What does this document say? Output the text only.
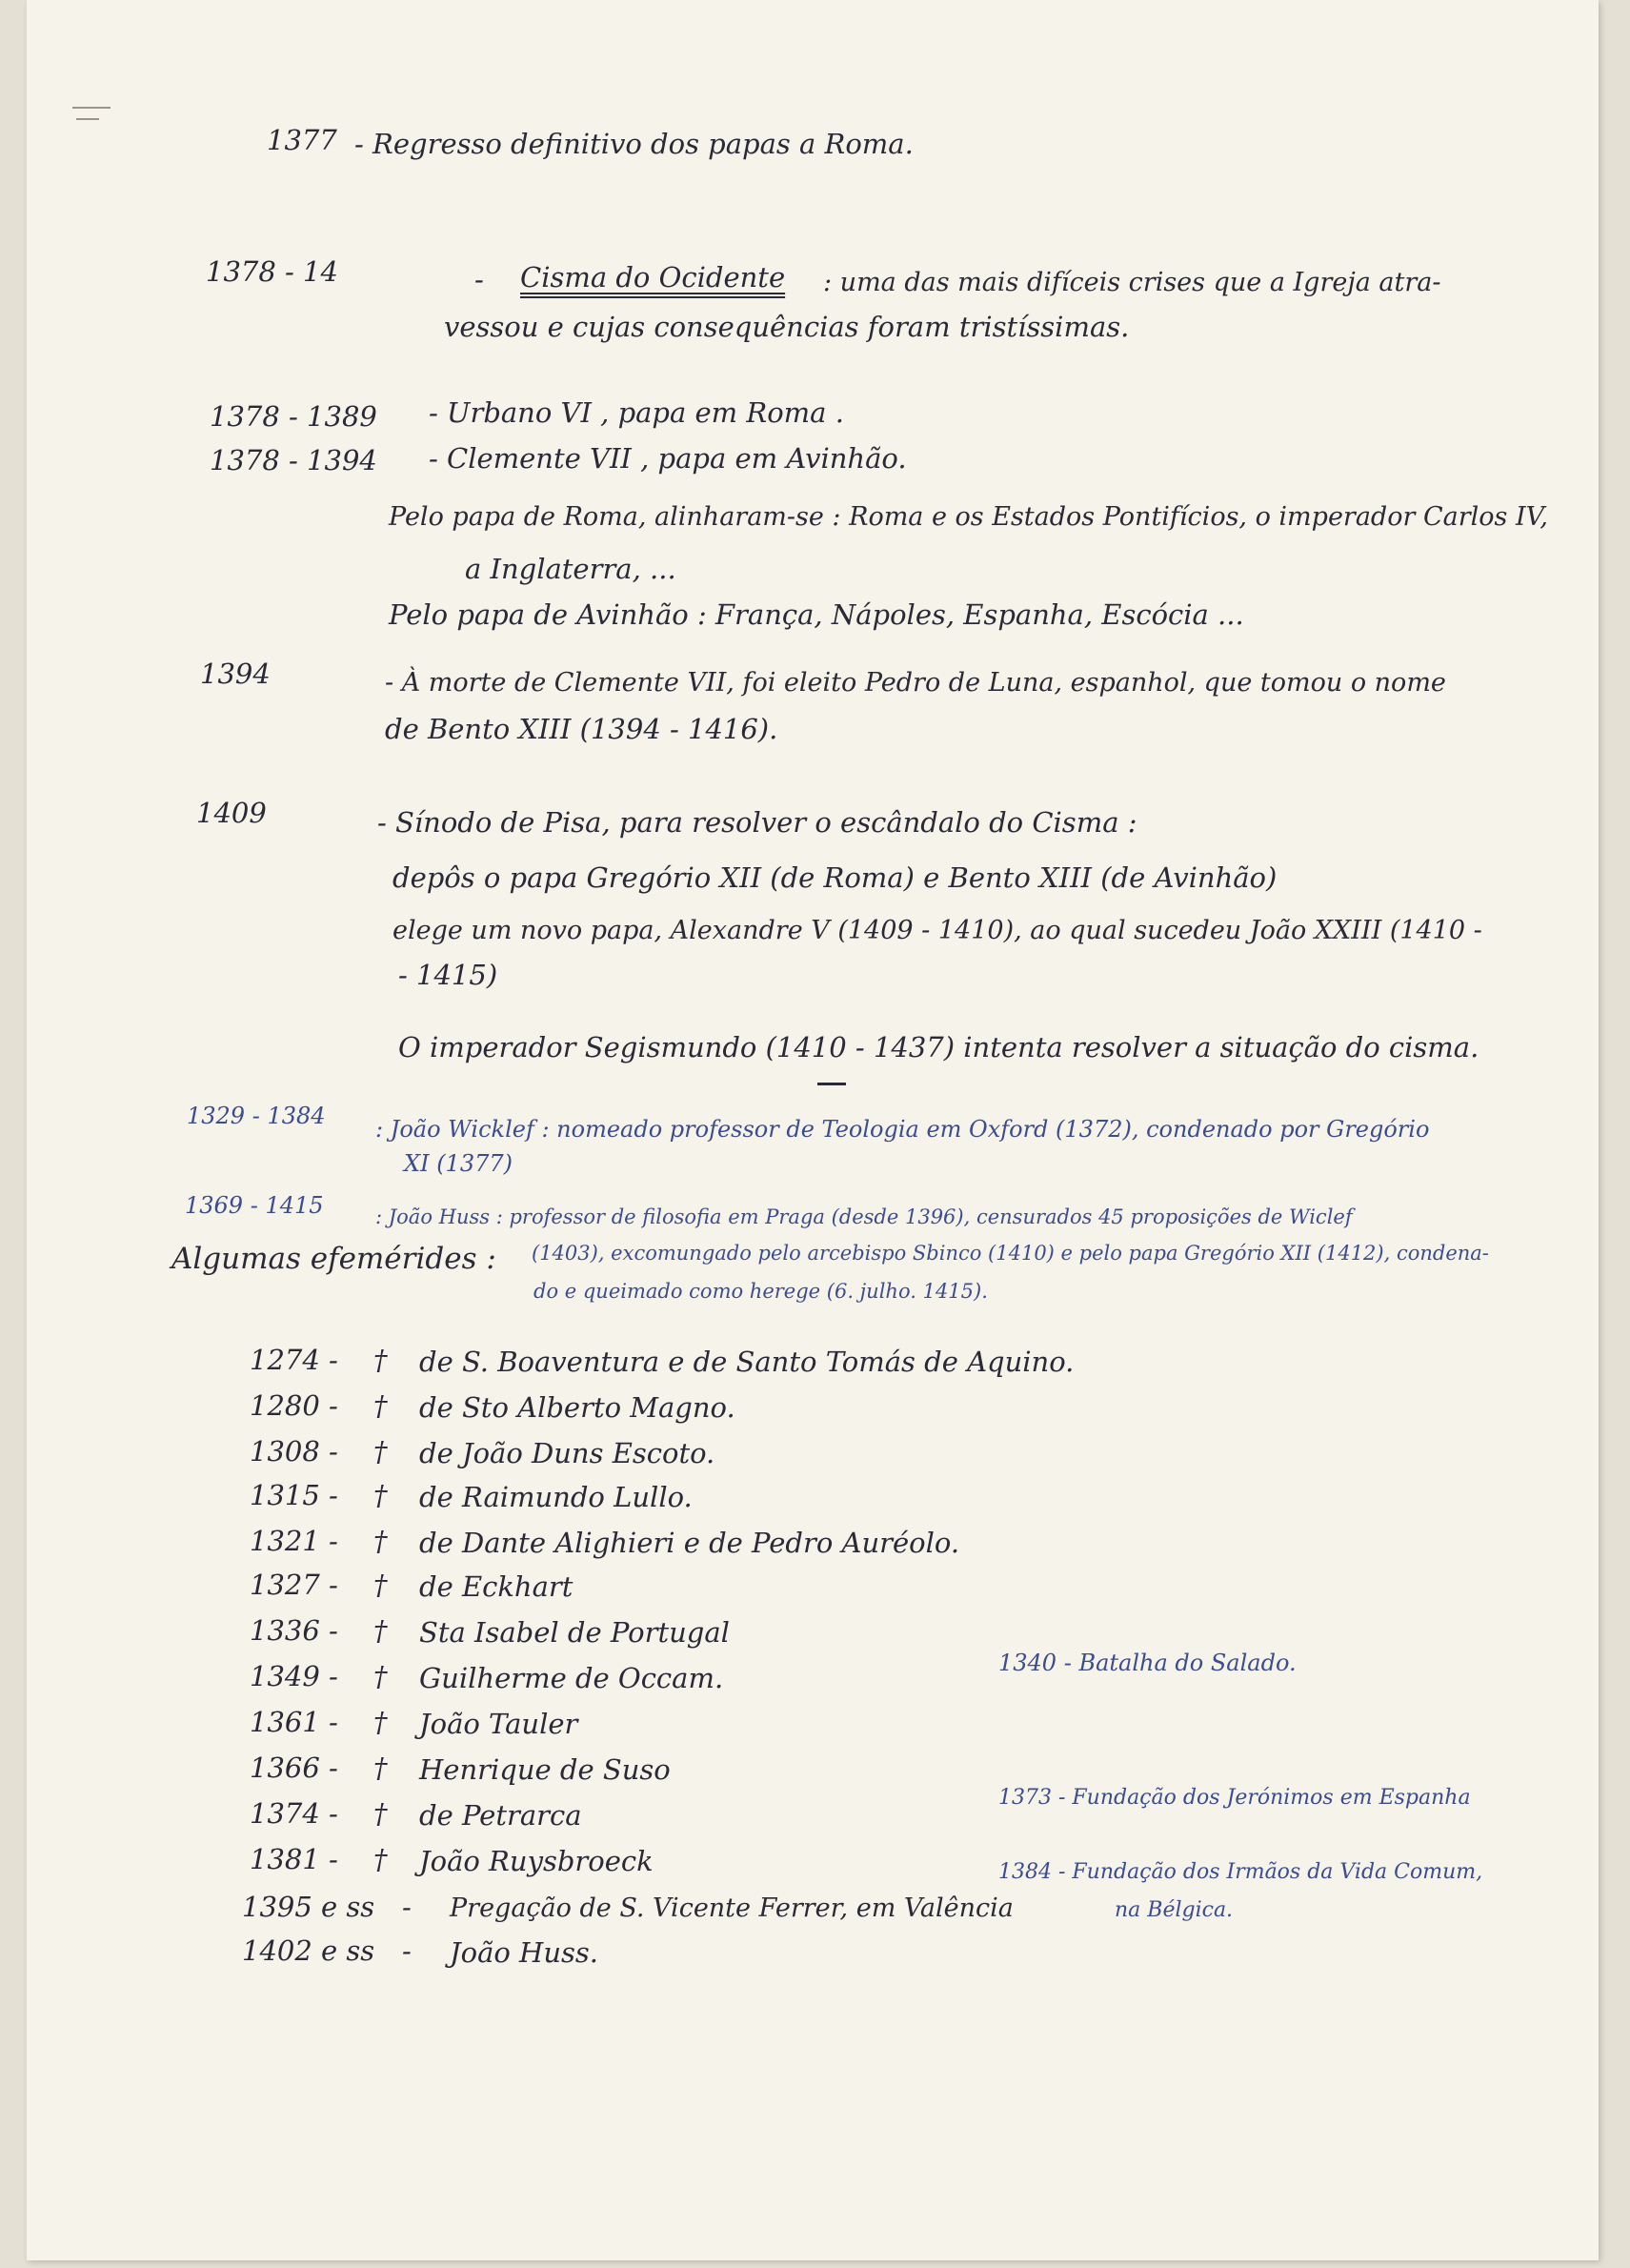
1377 - Regresso definitivo dos papas a Roma.
1378 - 14	- Cisma do Ocidente : uma das mais difíceis crises que a Igreja atra-
vessou e cujas consequências foram tristíssimas.
1378 - 1389 - Urbano VI , papa em Roma .
1378 - 1394 - Clemente VII , papa em Avinhão.
Pelo papa de Roma, alinharam-se : Roma e os Estados Pontifícios, o imperador Carlos IV,
a Inglaterra, ...
Pelo papa de Avinhão : França, Nápoles, Espanha, Escócia ...
1394	- À morte de Clemente VII, foi eleito Pedro de Luna, espanhol, que tomou o nome
de Bento XIII (1394 - 1416).
1409	- Sínodo de Pisa, para resolver o escândalo do Cisma :
depôs o papa Gregório XII (de Roma) e Bento XIII (de Avinhão)
elege um novo papa, Alexandre V (1409 - 1410), ao qual sucedeu João XXIII (1410 -
- 1415)
O imperador Segismundo (1410 - 1437) intenta resolver a situação do cisma.
1329 - 1384 : João Wicklef : nomeado professor de Teologia em Oxford (1372), condenado por Gregório
XI (1377)
1369 - 1415	: João Huss : professor de filosofia em Praga (desde 1396), censurados 45 proposições de Wiclef
(1403), excomungado pelo arcebispo Sbinco (1410) e pelo papa Gregório XII (1412), condena-
do e queimado como herege (6. julho. 1415).
Algumas efemérides :
1274 - † de S. Boaventura e de Santo Tomás de Aquino.
1280 - † de Sto Alberto Magno.
1308 - † de João Duns Escoto.
1315 - † de Raimundo Lullo.
1321 - † de Dante Alighieri e de Pedro Auréolo.
1327 - † de Eckhart
1336 - † Sta Isabel de Portugal
1349 - † Guilherme de Occam.
1361 - † João Tauler
1366 - † Henrique de Suso
1374 - † de Petrarca
1381 - † João Ruysbroeck
1395 e ss - Pregação de S. Vicente Ferrer, em Valência
1402 e ss - João Huss.
1340 - Batalha do Salado.
1373 - Fundação dos Jerónimos em Espanha
1384 - Fundação dos Irmãos da Vida Comum,
na Bélgica.
